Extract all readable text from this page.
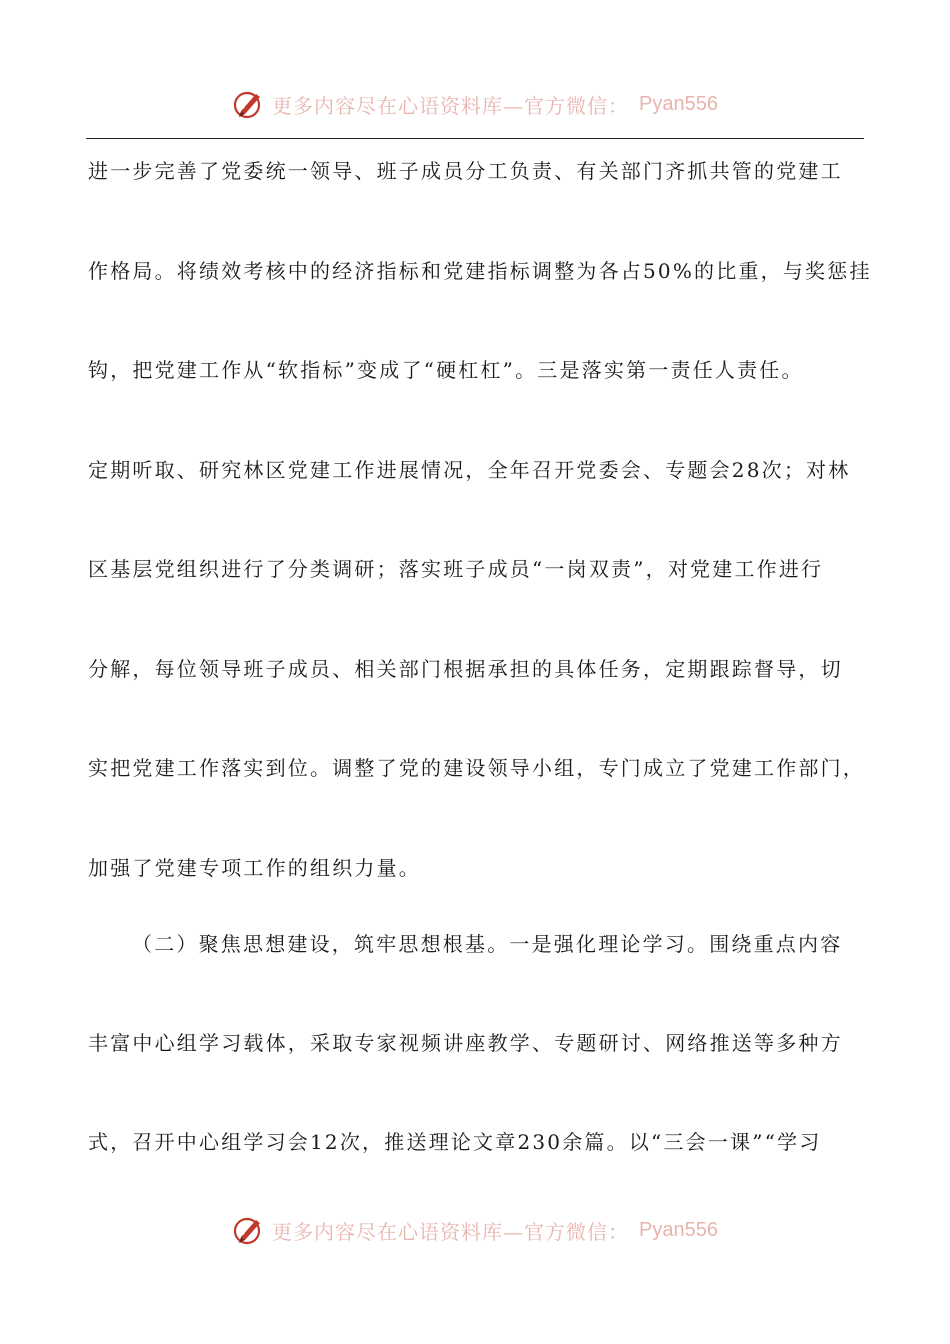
更多内容尽在心语资料库—官方微信： Pyan556
进一步完善了党委统一领导、班子成员分工负责、有关部门齐抓共管的党建工
作格局。将绩效考核中的经济指标和党建指标调整为各占50%的比重，与奖惩挂
钩，把党建工作从“软指标”变成了“硬杠杠”。三是落实第一责任人责任。
定期听取、研究林区党建工作进展情况，全年召开党委会、专题会28次；对林
区基层党组织进行了分类调研；落实班子成员“一岗双责”，对党建工作进行
分解，每位领导班子成员、相关部门根据承担的具体任务，定期跟踪督导，切
实把党建工作落实到位。调整了党的建设领导小组，专门成立了党建工作部门，
加强了党建专项工作的组织力量。
（二）聚焦思想建设，筑牢思想根基。一是强化理论学习。围绕重点内容
丰富中心组学习载体，采取专家视频讲座教学、专题研讨、网络推送等多种方
式，召开中心组学习会12次，推送理论文章230余篇。以“三会一课”“学习
更多内容尽在心语资料库—官方微信： Pyan556
